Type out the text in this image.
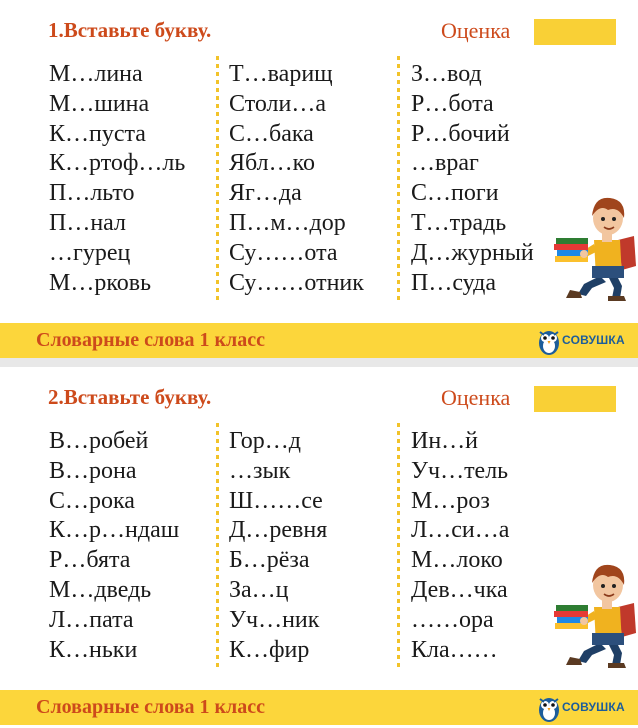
1.Вставьте букву.	Оценка
М…лина
М…шина
К…пуста
К…ртоф…ль
П…льто
П…нал
…гурец
М…рковь
Т…варищ
Столи…а
С…бака
Ябл…ко
Яг…да
П…м…дор
Су……ота
Су……отник
З…вод
Р…бота
Р…бочий
…враг
С…поги
Т…традь
Д…журный
П…суда
Словарные слова 1 класс	СОВУШКА
2.Вставьте букву.	Оценка
В…робей
В…рона
С…рока
К…р…ндаш
Р…бята
М…дведь
Л…пата
К…ньки
Гор…д
…зык
Ш……се
Д…ревня
Б…рёза
За…ц
Уч…ник
К…фир
Ин…й
Уч…тель
М…роз
Л…си…а
М…локо
Дев…чка
……ора
Кла……
Словарные слова 1 класс	СОВУШКА
